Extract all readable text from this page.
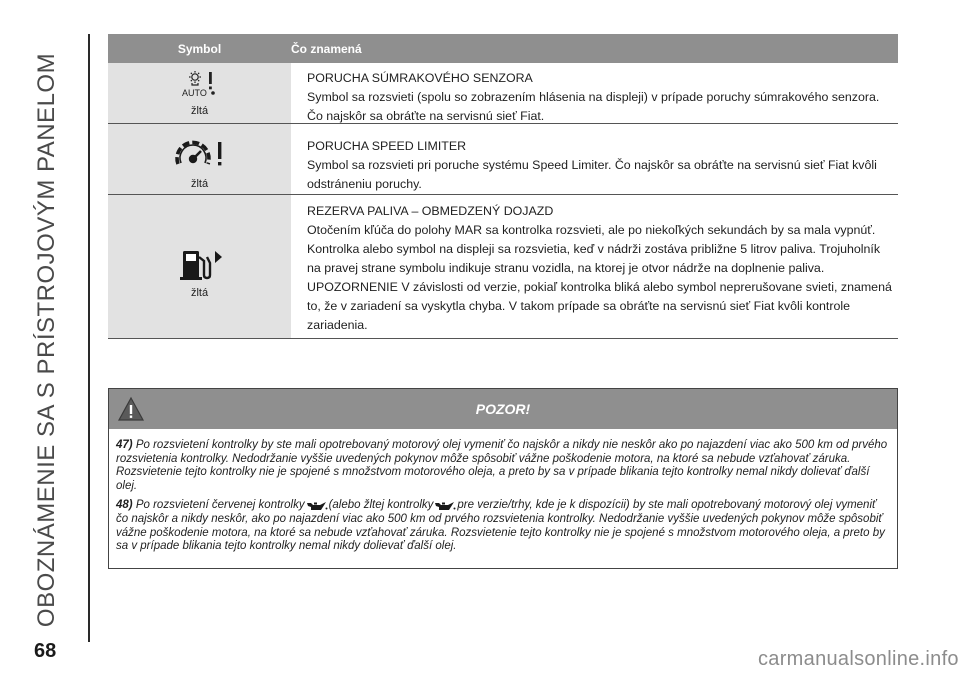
OBOZNÁMENIE SA S PRÍSTROJOVÝM PANELOM
68	carmanualsonline.info
Symbol	Čo znamená
AUTO
žltá
PORUCHA SÚMRAKOVÉHO SENZORA
Symbol sa rozsvieti (spolu so zobrazením hlásenia na displeji) v prípade poruchy súmrakového senzora. Čo najskôr sa obráťte na servisnú sieť Fiat.
žltá
PORUCHA SPEED LIMITER
Symbol sa rozsvieti pri poruche systému Speed Limiter. Čo najskôr sa obráťte na servisnú sieť Fiat kvôli odstráneniu poruchy.
žltá
REZERVA PALIVA – OBMEDZENÝ DOJAZD
Otočením kľúča do polohy MAR sa kontrolka rozsvieti, ale po niekoľkých sekundách by sa mala vypnúť. Kontrolka alebo symbol na displeji sa rozsvietia, keď v nádrži zostáva približne 5 litrov paliva. Trojuholník na pravej strane symbolu indikuje stranu vozidla, na ktorej je otvor nádrže na doplnenie paliva.
UPOZORNENIE V závislosti od verzie, pokiaľ kontrolka bliká alebo symbol neprerušovane svieti, znamená to, že v zariadení sa vyskytla chyba. V takom prípade sa obráťte na servisnú sieť Fiat kvôli kontrole zariadenia.
POZOR!

47) Po rozsvietení kontrolky by ste mali opotrebovaný motorový olej vymeniť čo najskôr a nikdy nie neskôr ako po najazdení viac ako 500 km od prvého rozsvietenia kontrolky. Nedodržanie vyššie uvedených pokynov môže spôsobiť vážne poškodenie motora, na ktoré sa nebude vzťahovať záruka. Rozsvietenie tejto kontrolky nie je spojené s množstvom motorového oleja, a preto by sa v prípade blikania tejto kontrolky nemal nikdy dolievať ďalší olej.

48) Po rozsvietení červenej kontrolky (alebo žltej kontrolky pre verzie/trhy, kde je k dispozícii) by ste mali opotrebovaný motorový olej vymeniť čo najskôr a nikdy neskôr, ako po najazdení viac ako 500 km od prvého rozsvietenia kontrolky. Nedodržanie vyššie uvedených pokynov môže spôsobiť vážne poškodenie motora, na ktoré sa nebude vzťahovať záruka. Rozsvietenie tejto kontrolky nie je spojené s množstvom motorového oleja, a preto by sa v prípade blikania tejto kontrolky nemal nikdy dolievať ďalší olej.
